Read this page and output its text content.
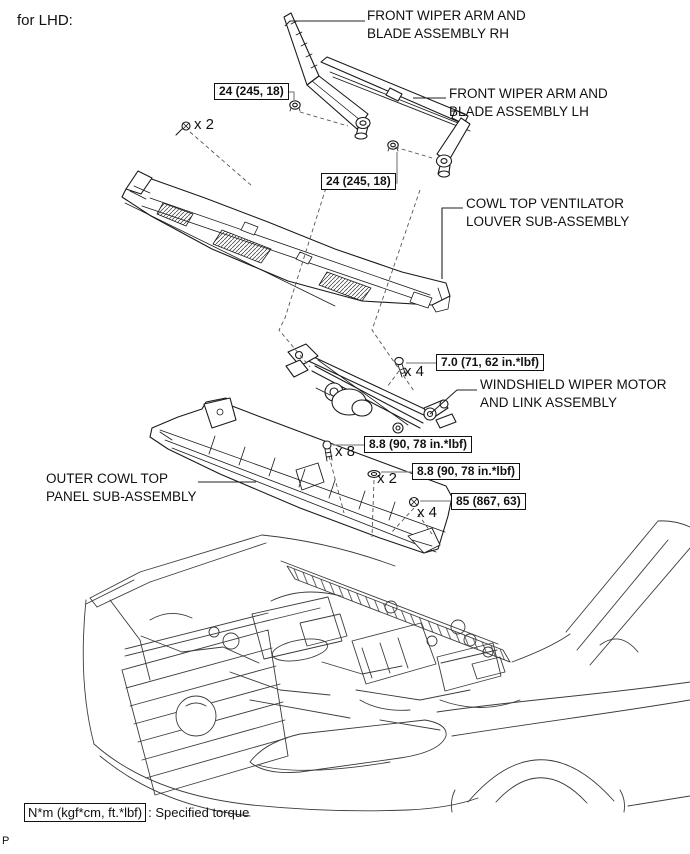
for LHD:	FRONT WIPER ARM AND
BLADE ASSEMBLY RH
FRONT WIPER ARM AND
BLADE ASSEMBLY LH
COWL TOP VENTILATOR
LOUVER SUB-ASSEMBLY
WINDSHIELD WIPER MOTOR
AND LINK ASSEMBLY
OUTER COWL TOP
PANEL SUB-ASSEMBLY
24 (245, 18)
24 (245, 18)
7.0 (71, 62 in.*lbf)
8.8 (90, 78 in.*lbf)
8.8 (90, 78 in.*lbf)
85 (867, 63)
x 2
x 4
x 8
x 2
x 4
N*m (kgf*cm, ft.*lbf) : Specified torque
P
